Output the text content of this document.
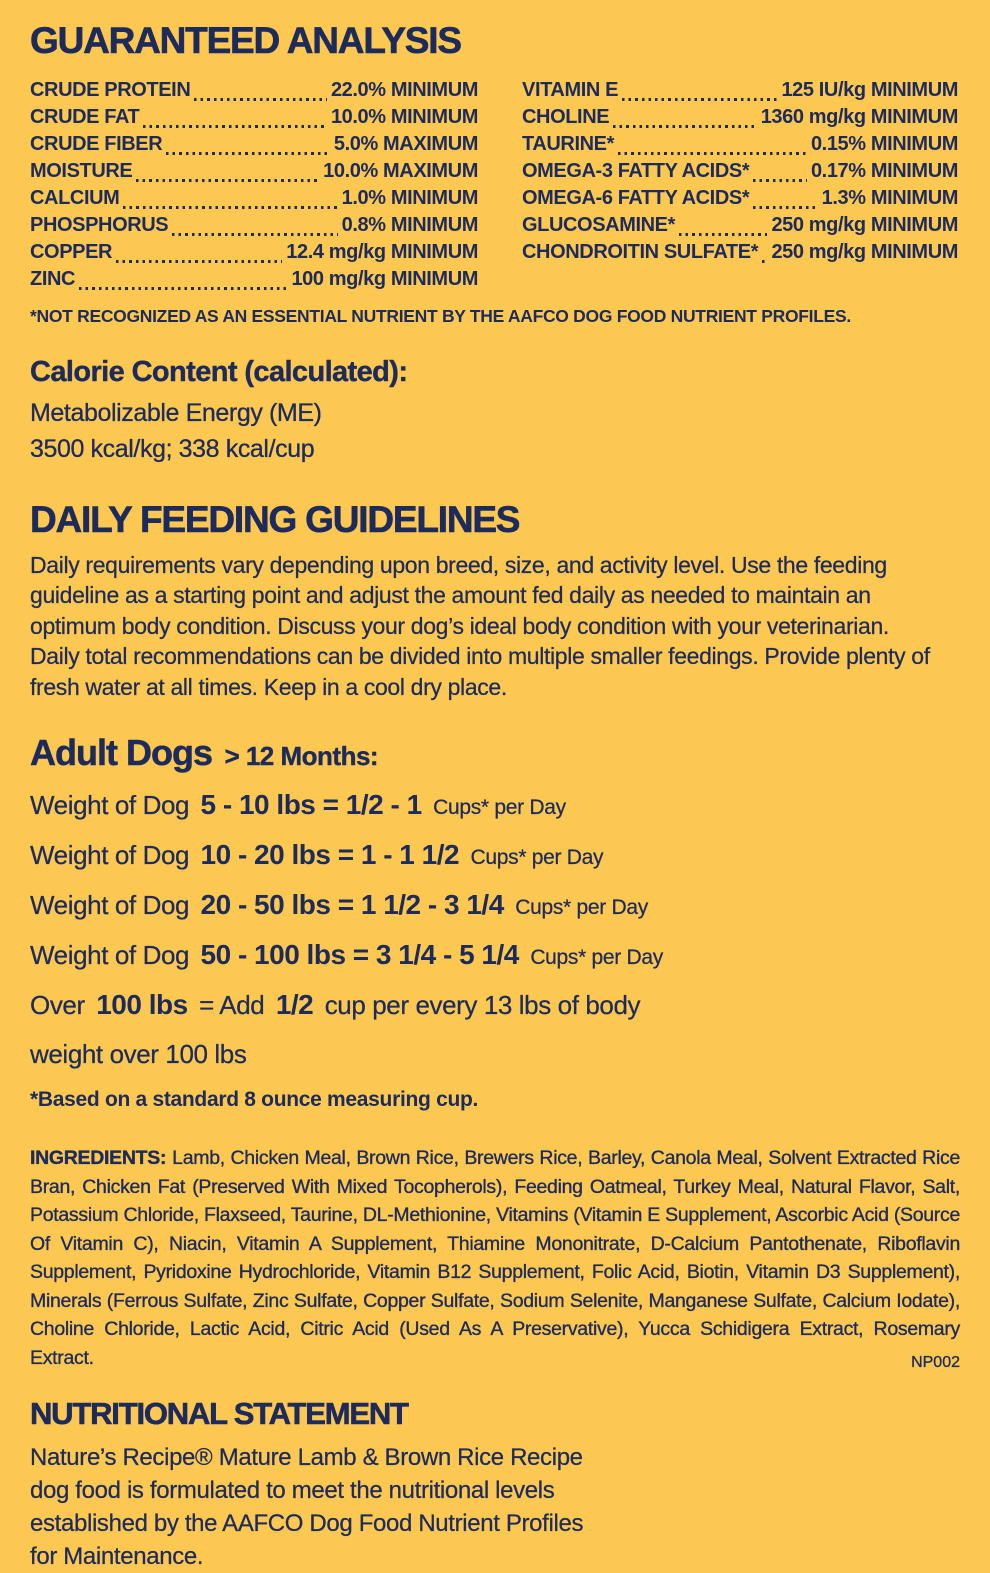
GUARANTEED ANALYSIS
CRUDE PROTEIN	22.0% MINIMUM
CRUDE FAT	10.0% MINIMUM
CRUDE FIBER	5.0% MAXIMUM
MOISTURE	10.0% MAXIMUM
CALCIUM	1.0% MINIMUM
PHOSPHORUS	0.8% MINIMUM
COPPER	12.4 mg/kg MINIMUM
ZINC	100 mg/kg MINIMUM
VITAMIN E	125 IU/kg MINIMUM
CHOLINE	1360 mg/kg MINIMUM
TAURINE*	0.15% MINIMUM
OMEGA-3 FATTY ACIDS*	0.17% MINIMUM
OMEGA-6 FATTY ACIDS*	1.3% MINIMUM
GLUCOSAMINE*	250 mg/kg MINIMUM
CHONDROITIN SULFATE* 250 mg/kg MINIMUM
*NOT RECOGNIZED AS AN ESSENTIAL NUTRIENT BY THE AAFCO DOG FOOD NUTRIENT PROFILES.
Calorie Content (calculated):
Metabolizable Energy (ME)
3500 kcal/kg; 338 kcal/cup
DAILY FEEDING GUIDELINES

Daily requirements vary depending upon breed, size, and activity level. Use the feeding guideline as a starting point and adjust the amount fed daily as needed to maintain an optimum body condition. Discuss your dog’s ideal body condition with your veterinarian. Daily total recommendations can be divided into multiple smaller feedings. Provide plenty of fresh water at all times. Keep in a cool dry place.

Adult Dogs > 12 Months:
Weight of Dog 5 - 10 lbs = 1/2 - 1 Cups* per Day
Weight of Dog 10 - 20 lbs = 1 - 1 1/2 Cups* per Day
Weight of Dog 20 - 50 lbs = 1 1/2 - 3 1/4 Cups* per Day
Weight of Dog 50 - 100 lbs = 3 1/4 - 5 1/4 Cups* per Day
Over 100 lbs = Add 1/2 cup per every 13 lbs of body
weight over 100 lbs
*Based on a standard 8 ounce measuring cup.

INGREDIENTS: Lamb, Chicken Meal, Brown Rice, Brewers Rice, Barley, Canola Meal, Solvent Extracted Rice Bran, Chicken Fat (Preserved With Mixed Tocopherols), Feeding Oatmeal, Turkey Meal, Natural Flavor, Salt, Potassium Chloride, Flaxseed, Taurine, DL-Methionine, Vitamins (Vitamin E Supplement, Ascorbic Acid (Source Of Vitamin C), Niacin, Vitamin A Supplement, Thiamine Mononitrate, D-Calcium Pantothenate, Riboflavin Supplement, Pyridoxine Hydrochloride, Vitamin B12 Supplement, Folic Acid, Biotin, Vitamin D3 Supplement), Minerals (Ferrous Sulfate, Zinc Sulfate, Copper Sulfate, Sodium Selenite, Manganese Sulfate, Calcium Iodate), Choline Chloride, Lactic Acid, Citric Acid (Used As A Preservative), Yucca Schidigera Extract, Rosemary Extract.	NP002
NUTRITIONAL STATEMENT
Nature’s Recipe® Mature Lamb & Brown Rice Recipe
dog food is formulated to meet the nutritional levels
established by the AAFCO Dog Food Nutrient Profiles
for Maintenance.
